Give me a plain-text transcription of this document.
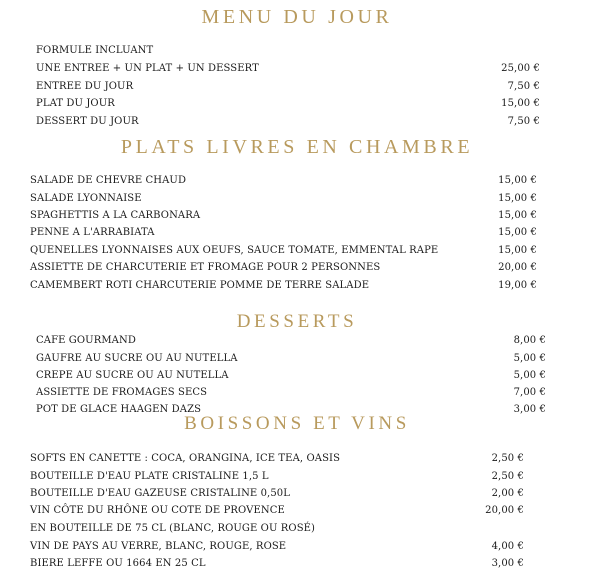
MENU DU JOUR
FORMULE INCLUANT
UNE ENTREE + UN PLAT + UN DESSERT	25,00 €
ENTREE DU JOUR	7,50 €
PLAT DU JOUR	15,00 €
DESSERT DU JOUR	7,50 €
PLATS LIVRES EN CHAMBRE
SALADE DE CHEVRE CHAUD	15,00 €
SALADE LYONNAISE	15,00 €
SPAGHETTIS A LA CARBONARA	15,00 €
PENNE A L'ARRABIATA	15,00 €
QUENELLES LYONNAISES AUX OEUFS, SAUCE TOMATE, EMMENTAL RAPE	15,00 €
ASSIETTE DE CHARCUTERIE ET FROMAGE POUR 2 PERSONNES	20,00 €
CAMEMBERT ROTI CHARCUTERIE POMME DE TERRE SALADE	19,00 €
DESSERTS
CAFE GOURMAND	8,00 €
GAUFRE AU SUCRE OU AU NUTELLA	5,00 €
CREPE AU SUCRE OU AU NUTELLA	5,00 €
ASSIETTE DE FROMAGES SECS	7,00 €
POT DE GLACE HAAGEN DAZS	3,00 €
BOISSONS ET VINS
SOFTS EN CANETTE : COCA, ORANGINA, ICE TEA, OASIS	2,50 €
BOUTEILLE D'EAU PLATE CRISTALINE 1,5 L	2,50 €
BOUTEILLE D'EAU GAZEUSE CRISTALINE 0,50L	2,00 €
VIN CÔTE DU RHÔNE OU COTE DE PROVENCE	20,00 €
EN BOUTEILLE DE 75 CL (BLANC, ROUGE OU ROSÉ)
VIN DE PAYS AU VERRE, BLANC, ROUGE, ROSE	4,00 €
BIERE LEFFE OU 1664 EN 25 CL	3,00 €
